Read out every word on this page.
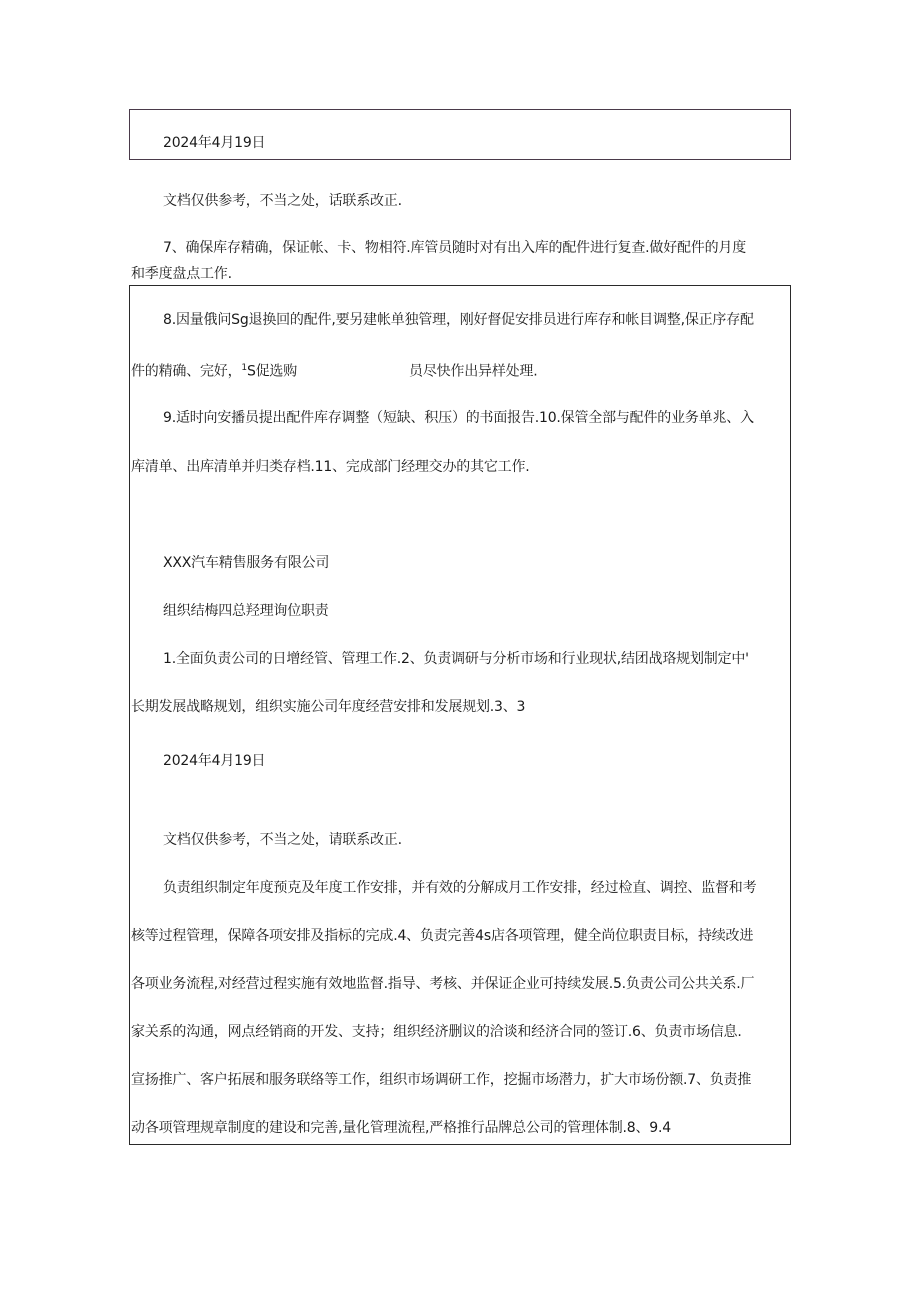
2024年4月19日
文档仅供参考，不当之处，话联系改正.
7、确保库存精确，保证帐、卡、物相符.库管员随时对有出入库的配件进行复查.做好配件的月度
和季度盘点工作.
8.因量俄问Sg退换回的配件,要另建帐单独管理，刚好督促安排员进行库存和帐目调整,保正序存配
件的精确、完好，$^1$S促选购	员尽快作出异样处理.
9.适时向安播员提出配件库存调整（短缺、积压）的书面报告.10.保管全部与配件的业务单兆、入
库清单、出库清单并归类存档.11、完成部门经理交办的其它工作.
XXX汽车精售服务有限公司
组织结梅四总羟理询位职责
1.全面负责公司的日增经管、管理工作.2、负责调研与分析市场和行业现状,结团战珞规划制定中'
长期发展战略规划，组织实施公司年度经营安排和发展规划.3、3
2024年4月19日
文档仅供参考，不当之处，请联系改正.
负责组织制定年度预克及年度工作安排，并有效的分解成月工作安排，经过检直、调控、监督和考
核等过程管理，保障各项安排及指标的完成.4、负责完善4s店各项管理，健全尚位职责目标，持续改进
各项业务流程,对经营过程实施有效地监督.指导、考核、并保证企业可持续发展.5.负责公司公共关系.厂
家关系的沟通，网点经销商的开发、支持；组织经济删议的洽谈和经济合同的签订.6、负责市场信息.
宣扬推广、客户拓展和服务联络等工作，组织市场调研工作，挖掘市场潜力，扩大市场份额.7、负责推
动各项管理规章制度的建设和完善,量化管理流程,严格推行品牌总公司的管理体制.8、9.4
